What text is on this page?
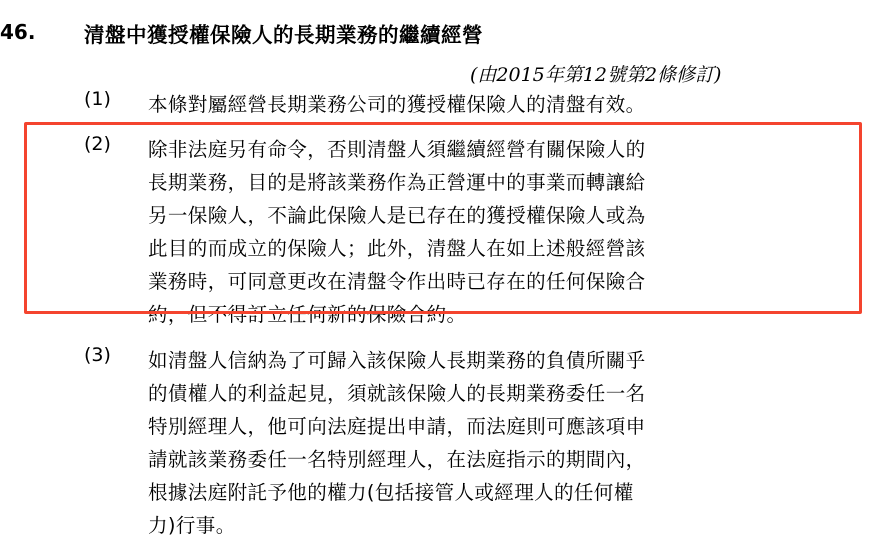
46.	清盤中獲授權保險人的長期業務的繼續經營
(由2015年第12號第2條修訂)
(1)	本條對屬經營長期業務公司的獲授權保險人的清盤有效。
(2)	除非法庭另有命令，否則清盤人須繼續經營有關保險人的
長期業務，目的是將該業務作為正營運中的事業而轉讓給
另一保險人，不論此保險人是已存在的獲授權保險人或為
此目的而成立的保險人；此外，清盤人在如上述般經營該
業務時，可同意更改在清盤令作出時已存在的任何保險合
約，但不得訂立任何新的保險合約。
(3)	如清盤人信納為了可歸入該保險人長期業務的負債所關乎
的債權人的利益起見，須就該保險人的長期業務委任一名
特別經理人，他可向法庭提出申請，而法庭則可應該項申
請就該業務委任一名特別經理人，在法庭指示的期間內，
根據法庭附託予他的權力(包括接管人或經理人的任何權
力)行事。
